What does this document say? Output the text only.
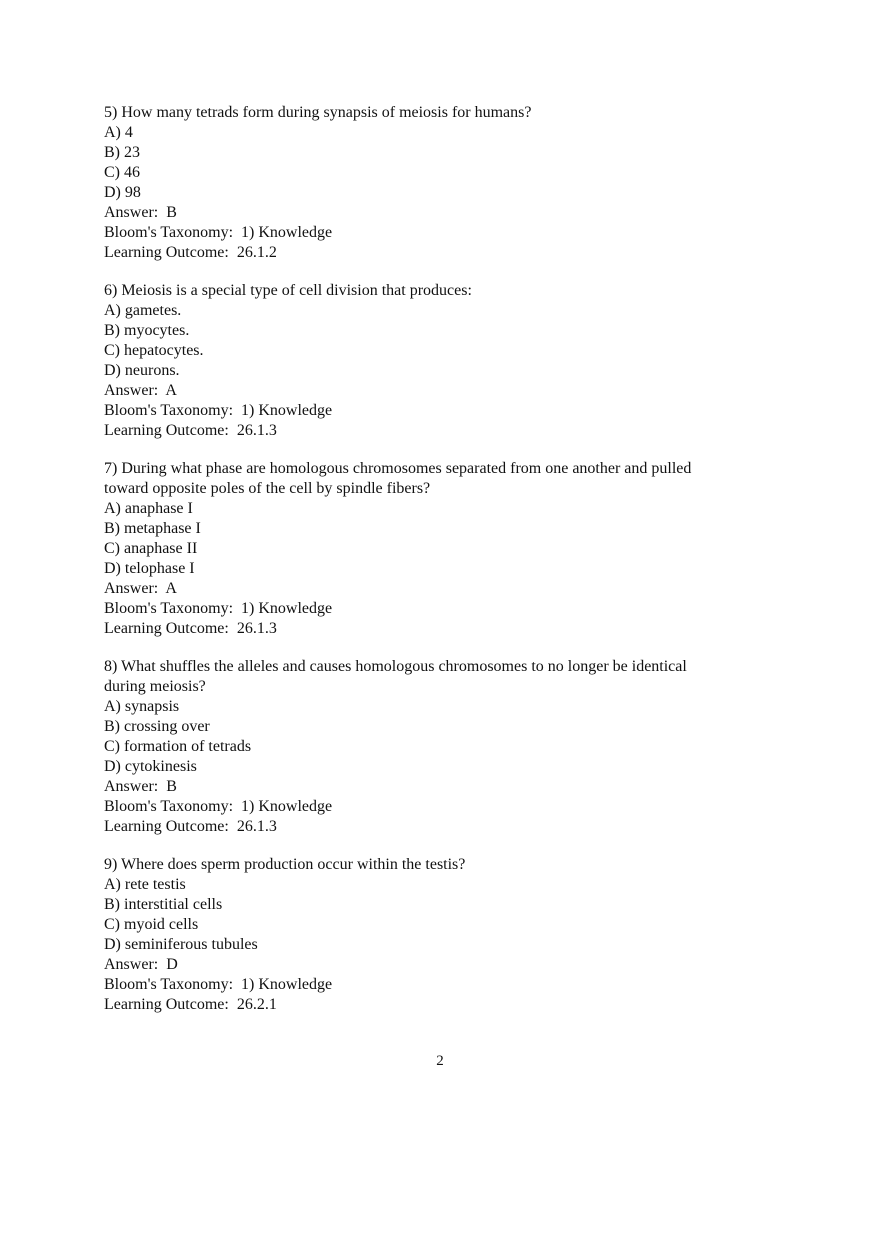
5) How many tetrads form during synapsis of meiosis for humans?
A) 4
B) 23
C) 46
D) 98
Answer:  B
Bloom's Taxonomy:  1) Knowledge
Learning Outcome:  26.1.2
6) Meiosis is a special type of cell division that produces:
A) gametes.
B) myocytes.
C) hepatocytes.
D) neurons.
Answer:  A
Bloom's Taxonomy:  1) Knowledge
Learning Outcome:  26.1.3
7) During what phase are homologous chromosomes separated from one another and pulled
toward opposite poles of the cell by spindle fibers?
A) anaphase I
B) metaphase I
C) anaphase II
D) telophase I
Answer:  A
Bloom's Taxonomy:  1) Knowledge
Learning Outcome:  26.1.3
8) What shuffles the alleles and causes homologous chromosomes to no longer be identical
during meiosis?
A) synapsis
B) crossing over
C) formation of tetrads
D) cytokinesis
Answer:  B
Bloom's Taxonomy:  1) Knowledge
Learning Outcome:  26.1.3
9) Where does sperm production occur within the testis?
A) rete testis
B) interstitial cells
C) myoid cells
D) seminiferous tubules
Answer:  D
Bloom's Taxonomy:  1) Knowledge
Learning Outcome:  26.2.1
2
